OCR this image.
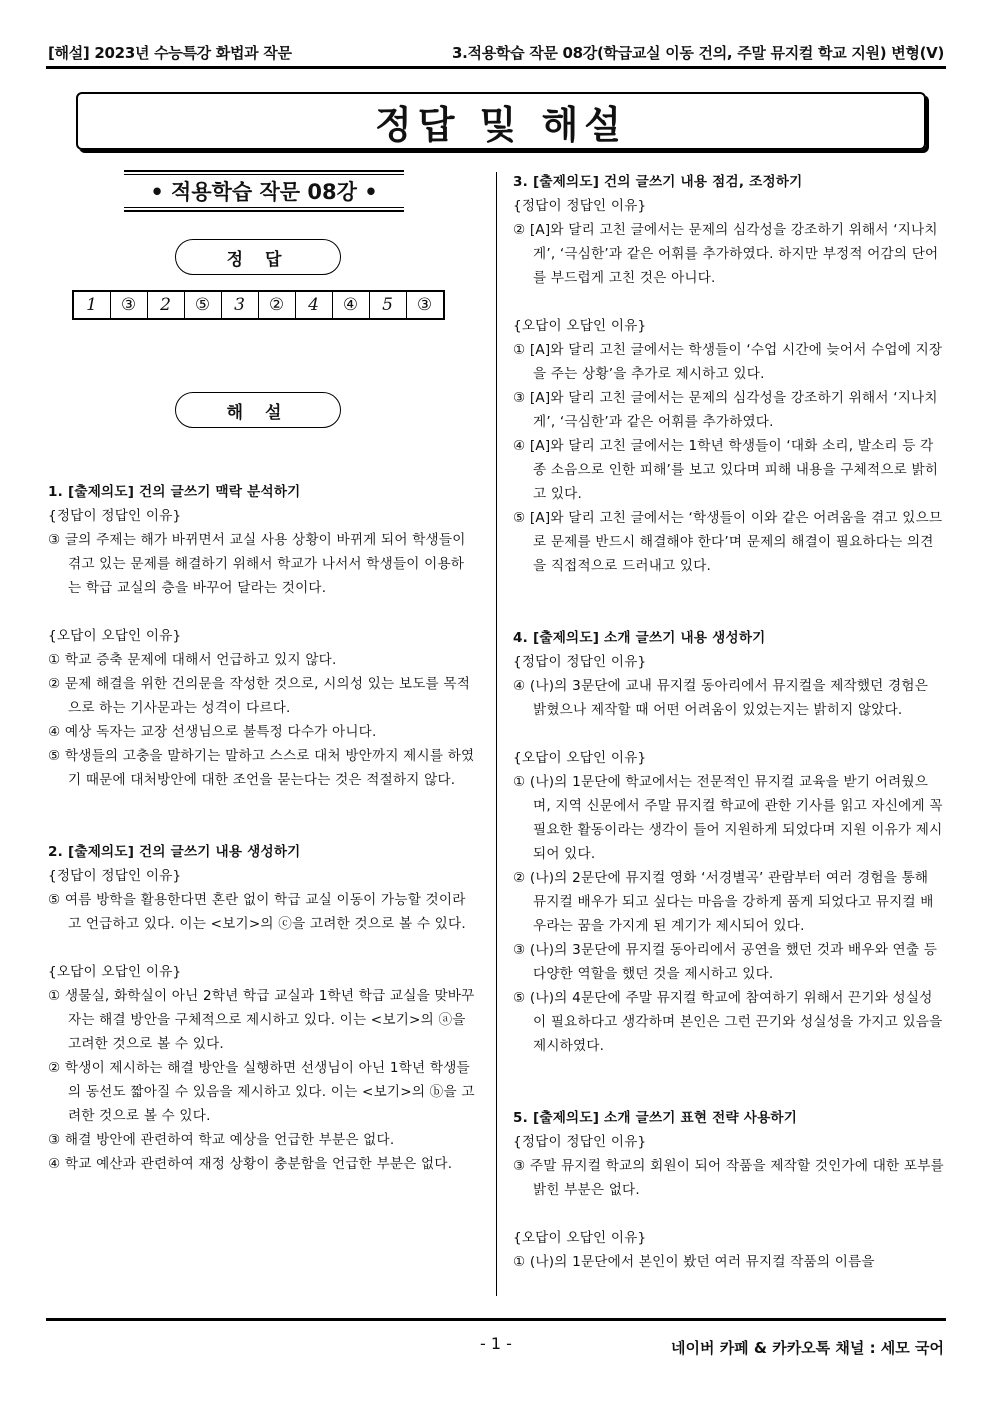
[해설] 2023년 수능특강 화법과 작문	3.적용학습 작문 08강(학급교실 이동 건의, 주말 뮤지컬 학교 지원) 변형(V)
정답 및 해설
• 적용학습 작문 08강 •
정 답
1	③	2	⑤	3	②	4	④	5	③
해 설
1. [출제의도] 건의 글쓰기 맥락 분석하기
{정답이 정답인 이유}
③ 글의 주제는 해가 바뀌면서 교실 사용 상황이 바뀌게 되어 학생들이 겪고 있는 문제를 해결하기 위해서 학교가 나서서 학생들이 이용하는 학급 교실의 층을 바꾸어 달라는 것이다.
{오답이 오답인 이유}
① 학교 증축 문제에 대해서 언급하고 있지 않다.
② 문제 해결을 위한 건의문을 작성한 것으로, 시의성 있는 보도를 목적으로 하는 기사문과는 성격이 다르다.
④ 예상 독자는 교장 선생님으로 불특정 다수가 아니다.
⑤ 학생들의 고충을 말하기는 말하고 스스로 대처 방안까지 제시를 하였기 때문에 대처방안에 대한 조언을 묻는다는 것은 적절하지 않다.
2. [출제의도] 건의 글쓰기 내용 생성하기
{정답이 정답인 이유}
⑤ 여름 방학을 활용한다면 혼란 없이 학급 교실 이동이 가능할 것이라고 언급하고 있다. 이는 <보기>의 ⓒ을 고려한 것으로 볼 수 있다.
{오답이 오답인 이유}
① 생물실, 화학실이 아닌 2학년 학급 교실과 1학년 학급 교실을 맞바꾸자는 해결 방안을 구체적으로 제시하고 있다. 이는 <보기>의 ⓐ을 고려한 것으로 볼 수 있다.
② 학생이 제시하는 해결 방안을 실행하면 선생님이 아닌 1학년 학생들의 동선도 짧아질 수 있음을 제시하고 있다. 이는 <보기>의 ⓑ을 고려한 것으로 볼 수 있다.
③ 해결 방안에 관련하여 학교 예상을 언급한 부분은 없다.
④ 학교 예산과 관련하여 재정 상황이 충분함을 언급한 부분은 없다.
3. [출제의도] 건의 글쓰기 내용 점검, 조정하기
{정답이 정답인 이유}
② [A]와 달리 고친 글에서는 문제의 심각성을 강조하기 위해서 ‘지나치게’, ‘극심한’과 같은 어휘를 추가하였다. 하지만 부정적 어감의 단어를 부드럽게 고친 것은 아니다.
{오답이 오답인 이유}
① [A]와 달리 고친 글에서는 학생들이 ‘수업 시간에 늦어서 수업에 지장을 주는 상황’을 추가로 제시하고 있다.
③ [A]와 달리 고친 글에서는 문제의 심각성을 강조하기 위해서 ‘지나치게’, ‘극심한’과 같은 어휘를 추가하였다.
④ [A]와 달리 고친 글에서는 1학년 학생들이 ‘대화 소리, 발소리 등 각종 소음으로 인한 피해’를 보고 있다며 피해 내용을 구체적으로 밝히고 있다.
⑤ [A]와 달리 고친 글에서는 ‘학생들이 이와 같은 어려움을 겪고 있으므로 문제를 반드시 해결해야 한다’며 문제의 해결이 필요하다는 의견을 직접적으로 드러내고 있다.
4. [출제의도] 소개 글쓰기 내용 생성하기
{정답이 정답인 이유}
④ (나)의 3문단에 교내 뮤지컬 동아리에서 뮤지컬을 제작했던 경험은 밝혔으나 제작할 때 어떤 어려움이 있었는지는 밝히지 않았다.
{오답이 오답인 이유}
① (나)의 1문단에 학교에서는 전문적인 뮤지컬 교육을 받기 어려웠으며, 지역 신문에서 주말 뮤지컬 학교에 관한 기사를 읽고 자신에게 꼭 필요한 활동이라는 생각이 들어 지원하게 되었다며 지원 이유가 제시되어 있다.
② (나)의 2문단에 뮤지컬 영화 ‘서경별곡’ 관람부터 여러 경험을 통해 뮤지컬 배우가 되고 싶다는 마음을 강하게 품게 되었다고 뮤지컬 배우라는 꿈을 가지게 된 계기가 제시되어 있다.
③ (나)의 3문단에 뮤지컬 동아리에서 공연을 했던 것과 배우와 연출 등 다양한 역할을 했던 것을 제시하고 있다.
⑤ (나)의 4문단에 주말 뮤지컬 학교에 참여하기 위해서 끈기와 성실성이 필요하다고 생각하며 본인은 그런 끈기와 성실성을 가지고 있음을 제시하였다.
5. [출제의도] 소개 글쓰기 표현 전략 사용하기
{정답이 정답인 이유}
③ 주말 뮤지컬 학교의 회원이 되어 작품을 제작할 것인가에 대한 포부를 밝힌 부분은 없다.
{오답이 오답인 이유}
① (나)의 1문단에서 본인이 봤던 여러 뮤지컬 작품의 이름을
- 1 -	네이버 카페 & 카카오톡 채널 : 세모 국어
